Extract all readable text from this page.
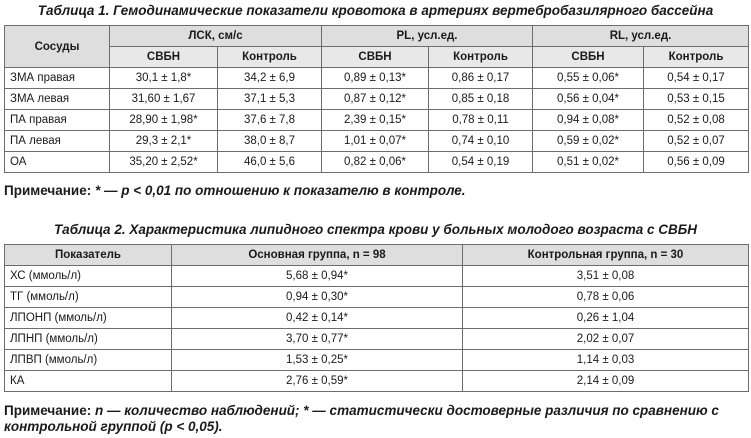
Таблица 1. Гемодинамические показатели кровотока в артериях вертебробазилярного бассейна
Сосуды	ЛСК, см/с		PL, усл.ед.		RL, усл.ед.	
	СВБН	Контроль	СВБН	Контроль	СВБН	Контроль
ЗМА правая	30,1 ± 1,8*	34,2 ± 6,9	0,89 ± 0,13*	0,86 ± 0,17	0,55 ± 0,06*	0,54 ± 0,17
ЗМА левая	31,60 ± 1,67	37,1 ± 5,3	0,87 ± 0,12*	0,85 ± 0,18	0,56 ± 0,04*	0,53 ± 0,15
ПА правая	28,90 ± 1,98*	37,6 ± 7,8	2,39 ± 0,15*	0,78 ± 0,11	0,94 ± 0,08*	0,52 ± 0,08
ПА левая	29,3 ± 2,1*	38,0 ± 8,7	1,01 ± 0,07*	0,74 ± 0,10	0,59 ± 0,02*	0,52 ± 0,07
ОА	35,20 ± 2,52*	46,0 ± 5,6	0,82 ± 0,06*	0,54 ± 0,19	0,51 ± 0,02*	0,56 ± 0,09
Примечание: * — p < 0,01 по отношению к показателю в контроле.
Таблица 2. Характеристика липидного спектра крови у больных молодого возраста с СВБН
Показатель	Основная группа, n = 98	Контрольная группа, n = 30
ХС (ммоль/л)	5,68 ± 0,94*	3,51 ± 0,08
ТГ (ммоль/л)	0,94 ± 0,30*	0,78 ± 0,06
ЛПОНП (ммоль/л)	0,42 ± 0,14*	0,26 ± 1,04
ЛПНП (ммоль/л)	3,70 ± 0,77*	2,02 ± 0,07
ЛПВП (ммоль/л)	1,53 ± 0,25*	1,14 ± 0,03
КА	2,76 ± 0,59*	2,14 ± 0,09
Примечание: n — количество наблюдений; * — статистически достоверные различия по сравнению с контрольной группой (p < 0,05).
